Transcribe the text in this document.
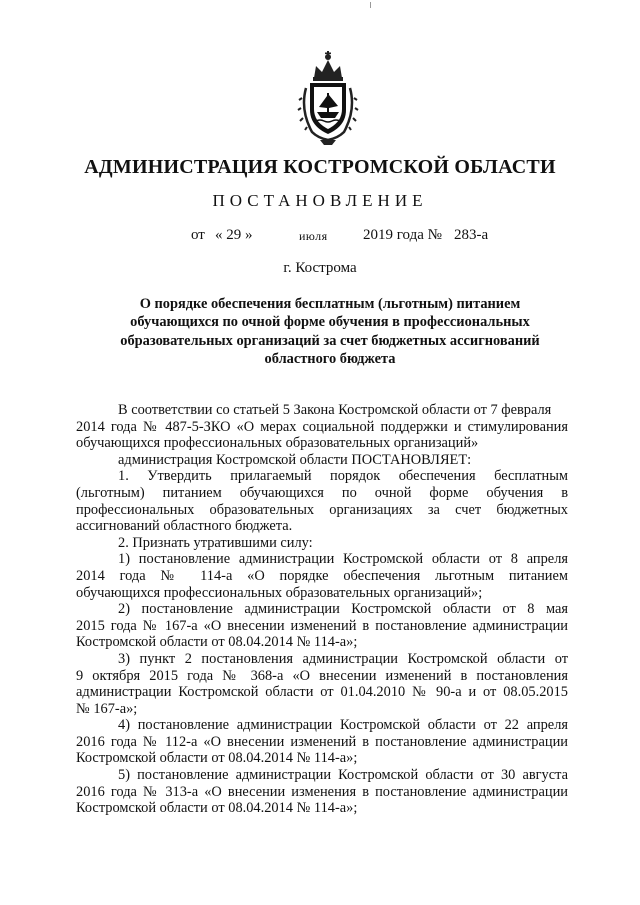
АДМИНИСТРАЦИЯ КОСТРОМСКОЙ ОБЛАСТИ
ПОСТАНОВЛЕНИЕ
от « 29 »	июля 2019 года № 283-а
г. Кострома
О порядке обеспечения бесплатным (льготным) питанием
обучающихся по очной форме обучения в профессиональных
образовательных организаций за счет бюджетных ассигнований
областного бюджета
В соответствии со статьей 5 Закона Костромской области от 7 февраля
2014 года № 487-5-ЗКО «О мерах социальной поддержки и стимулирования
обучающихся профессиональных образовательных организаций»
администрация Костромской области ПОСТАНОВЛЯЕТ:
1. Утвердить прилагаемый порядок обеспечения бесплатным
(льготным) питанием обучающихся по очной форме обучения в
профессиональных образовательных организациях за счет бюджетных
ассигнований областного бюджета.
2. Признать утратившими силу:
1) постановление администрации Костромской области от 8 апреля
2014 года № 114-а «О порядке обеспечения льготным питанием
обучающихся профессиональных образовательных организаций»;
2) постановление администрации Костромской области от 8 мая
2015 года № 167-а «О внесении изменений в постановление администрации
Костромской области от 08.04.2014 № 114-а»;
3) пункт 2 постановления администрации Костромской области от
9 октября 2015 года № 368-а «О внесении изменений в постановления
администрации Костромской области от 01.04.2010 № 90-а и от 08.05.2015
№ 167-а»;
4) постановление администрации Костромской области от 22 апреля
2016 года № 112-а «О внесении изменений в постановление администрации
Костромской области от 08.04.2014 № 114-а»;
5) постановление администрации Костромской области от 30 августа
2016 года № 313-а «О внесении изменения в постановление администрации
Костромской области от 08.04.2014 № 114-а»;
